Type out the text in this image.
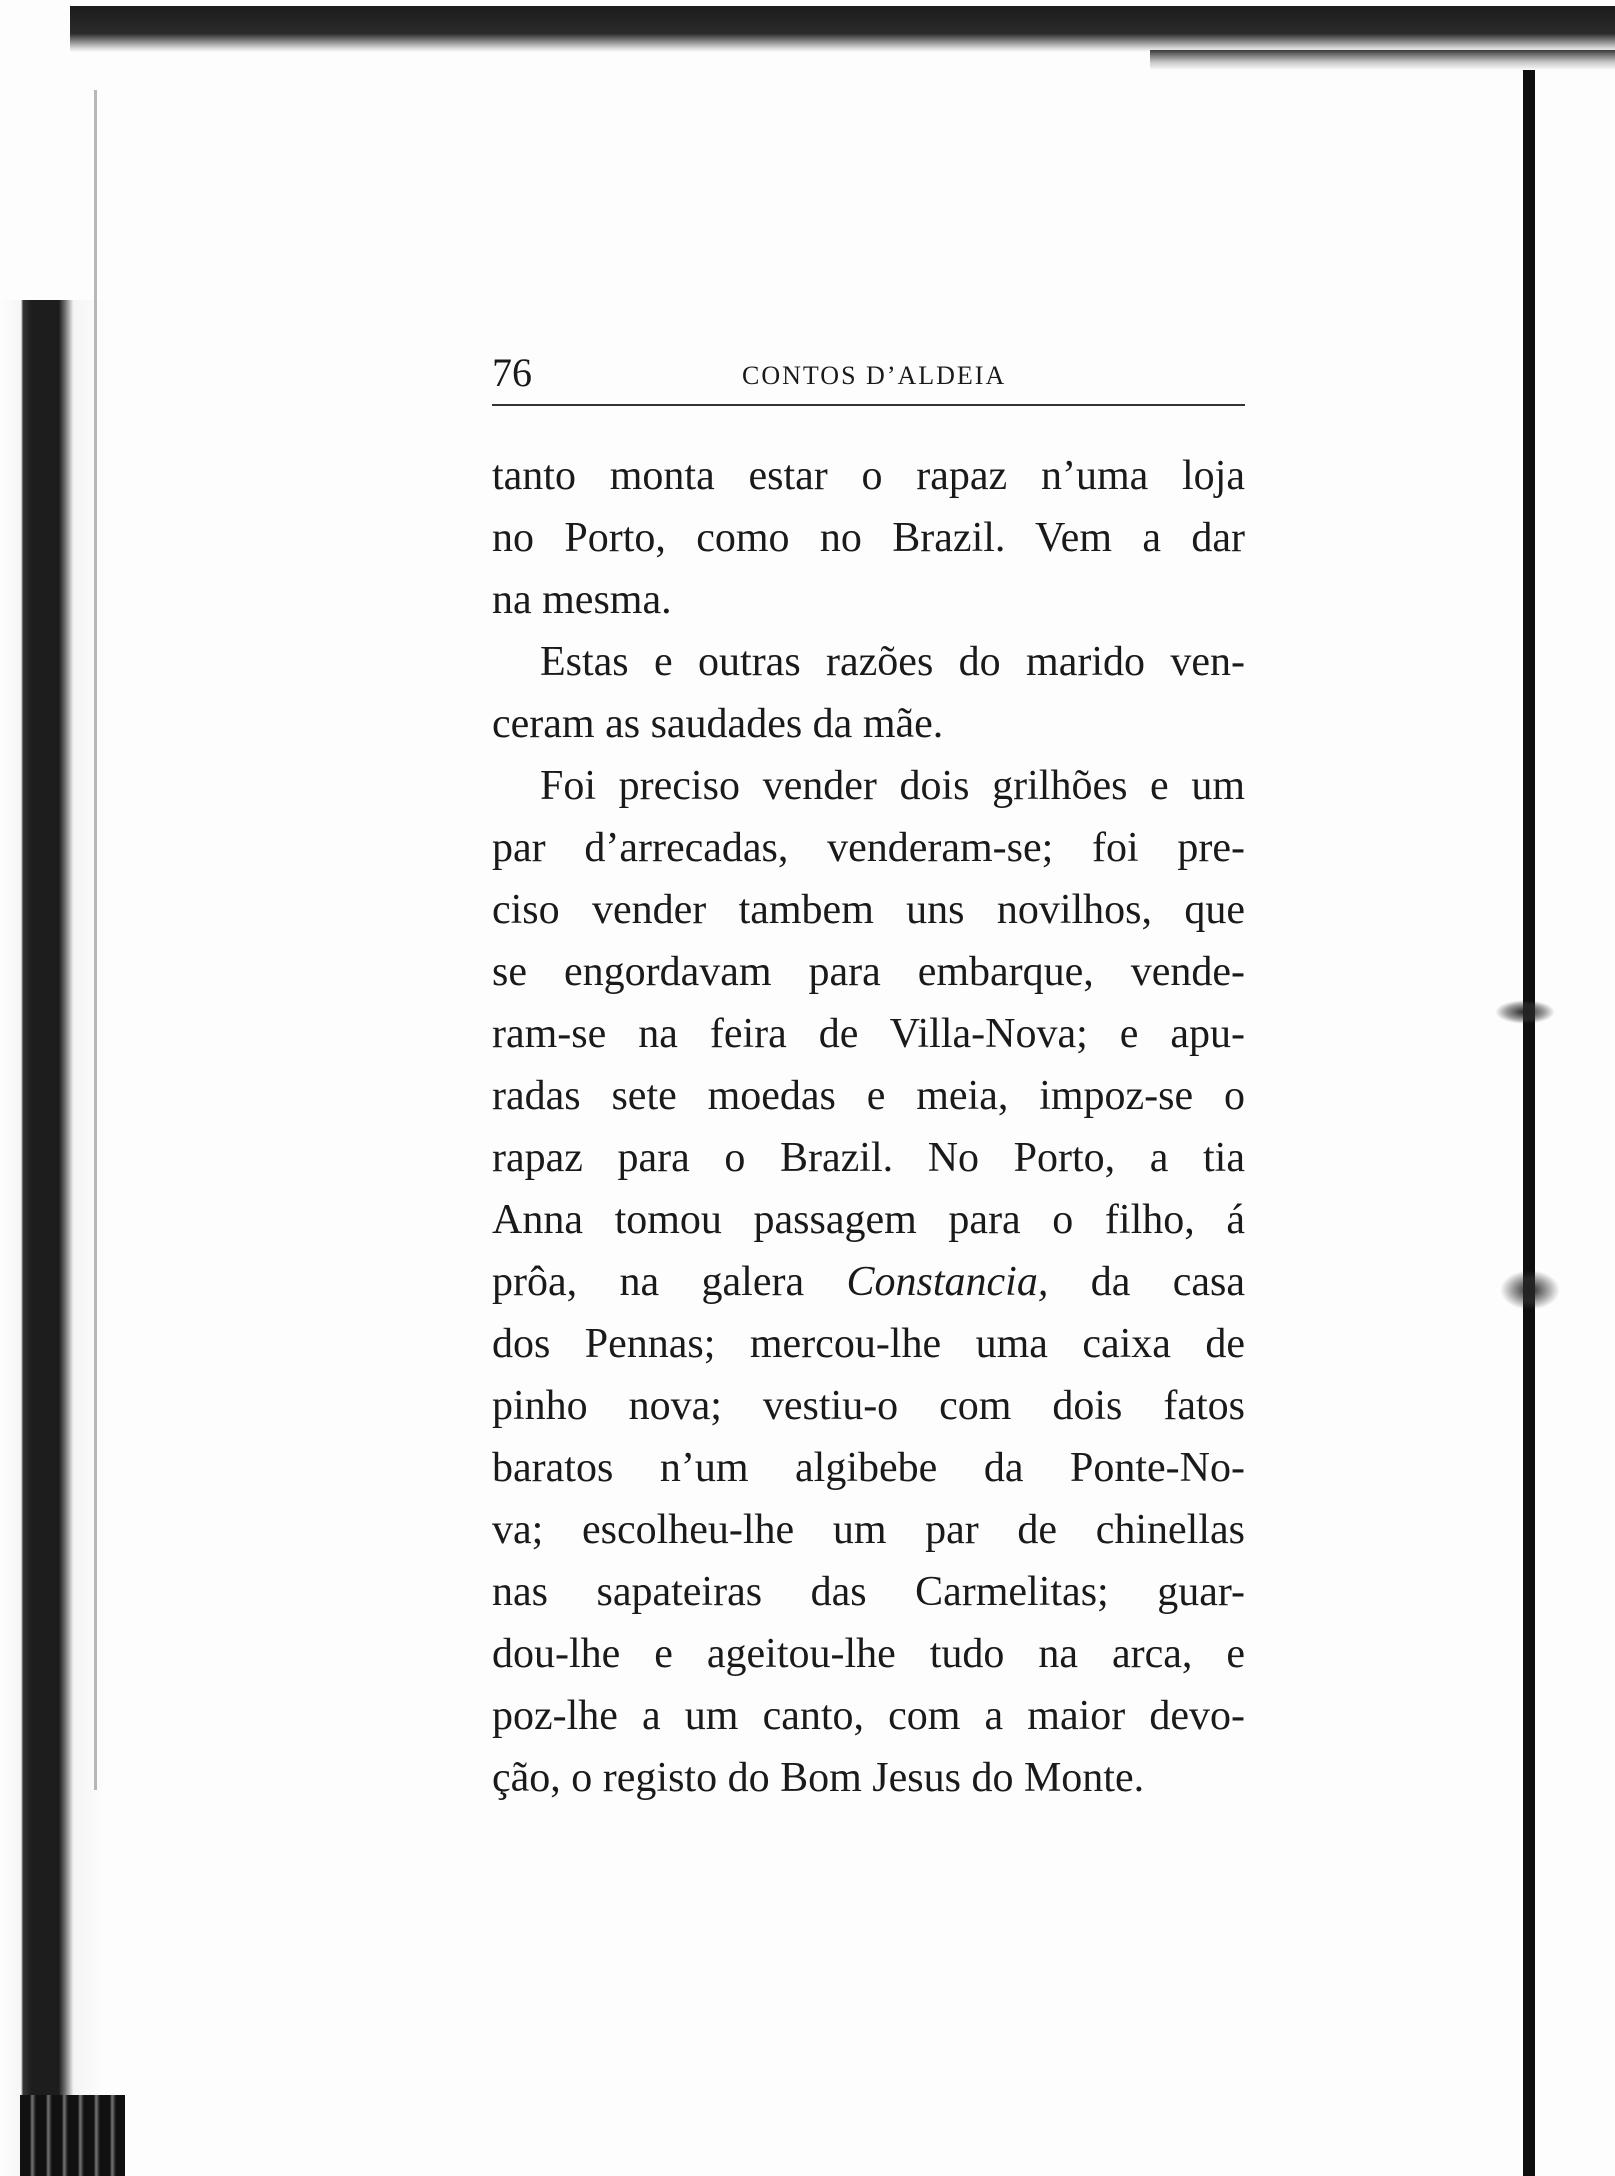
76	CONTOS D’ALDEIA
tanto monta estar o rapaz n’uma loja
no Porto, como no Brazil. Vem a dar
na mesma.
Estas e outras razões do marido ven-
ceram as saudades da mãe.
Foi preciso vender dois grilhões e um
par d’arrecadas, venderam-se; foi pre-
ciso vender tambem uns novilhos, que
se engordavam para embarque, vende-
ram-se na feira de Villa-Nova; e apu-
radas sete moedas e meia, impoz-se o
rapaz para o Brazil. No Porto, a tia
Anna tomou passagem para o filho, á
prôa, na galera Constancia, da casa
dos Pennas; mercou-lhe uma caixa de
pinho nova; vestiu-o com dois fatos
baratos n’um algibebe da Ponte-No-
va; escolheu-lhe um par de chinellas
nas sapateiras das Carmelitas; guar-
dou-lhe e ageitou-lhe tudo na arca, e
poz-lhe a um canto, com a maior devo-
ção, o registo do Bom Jesus do Monte.
